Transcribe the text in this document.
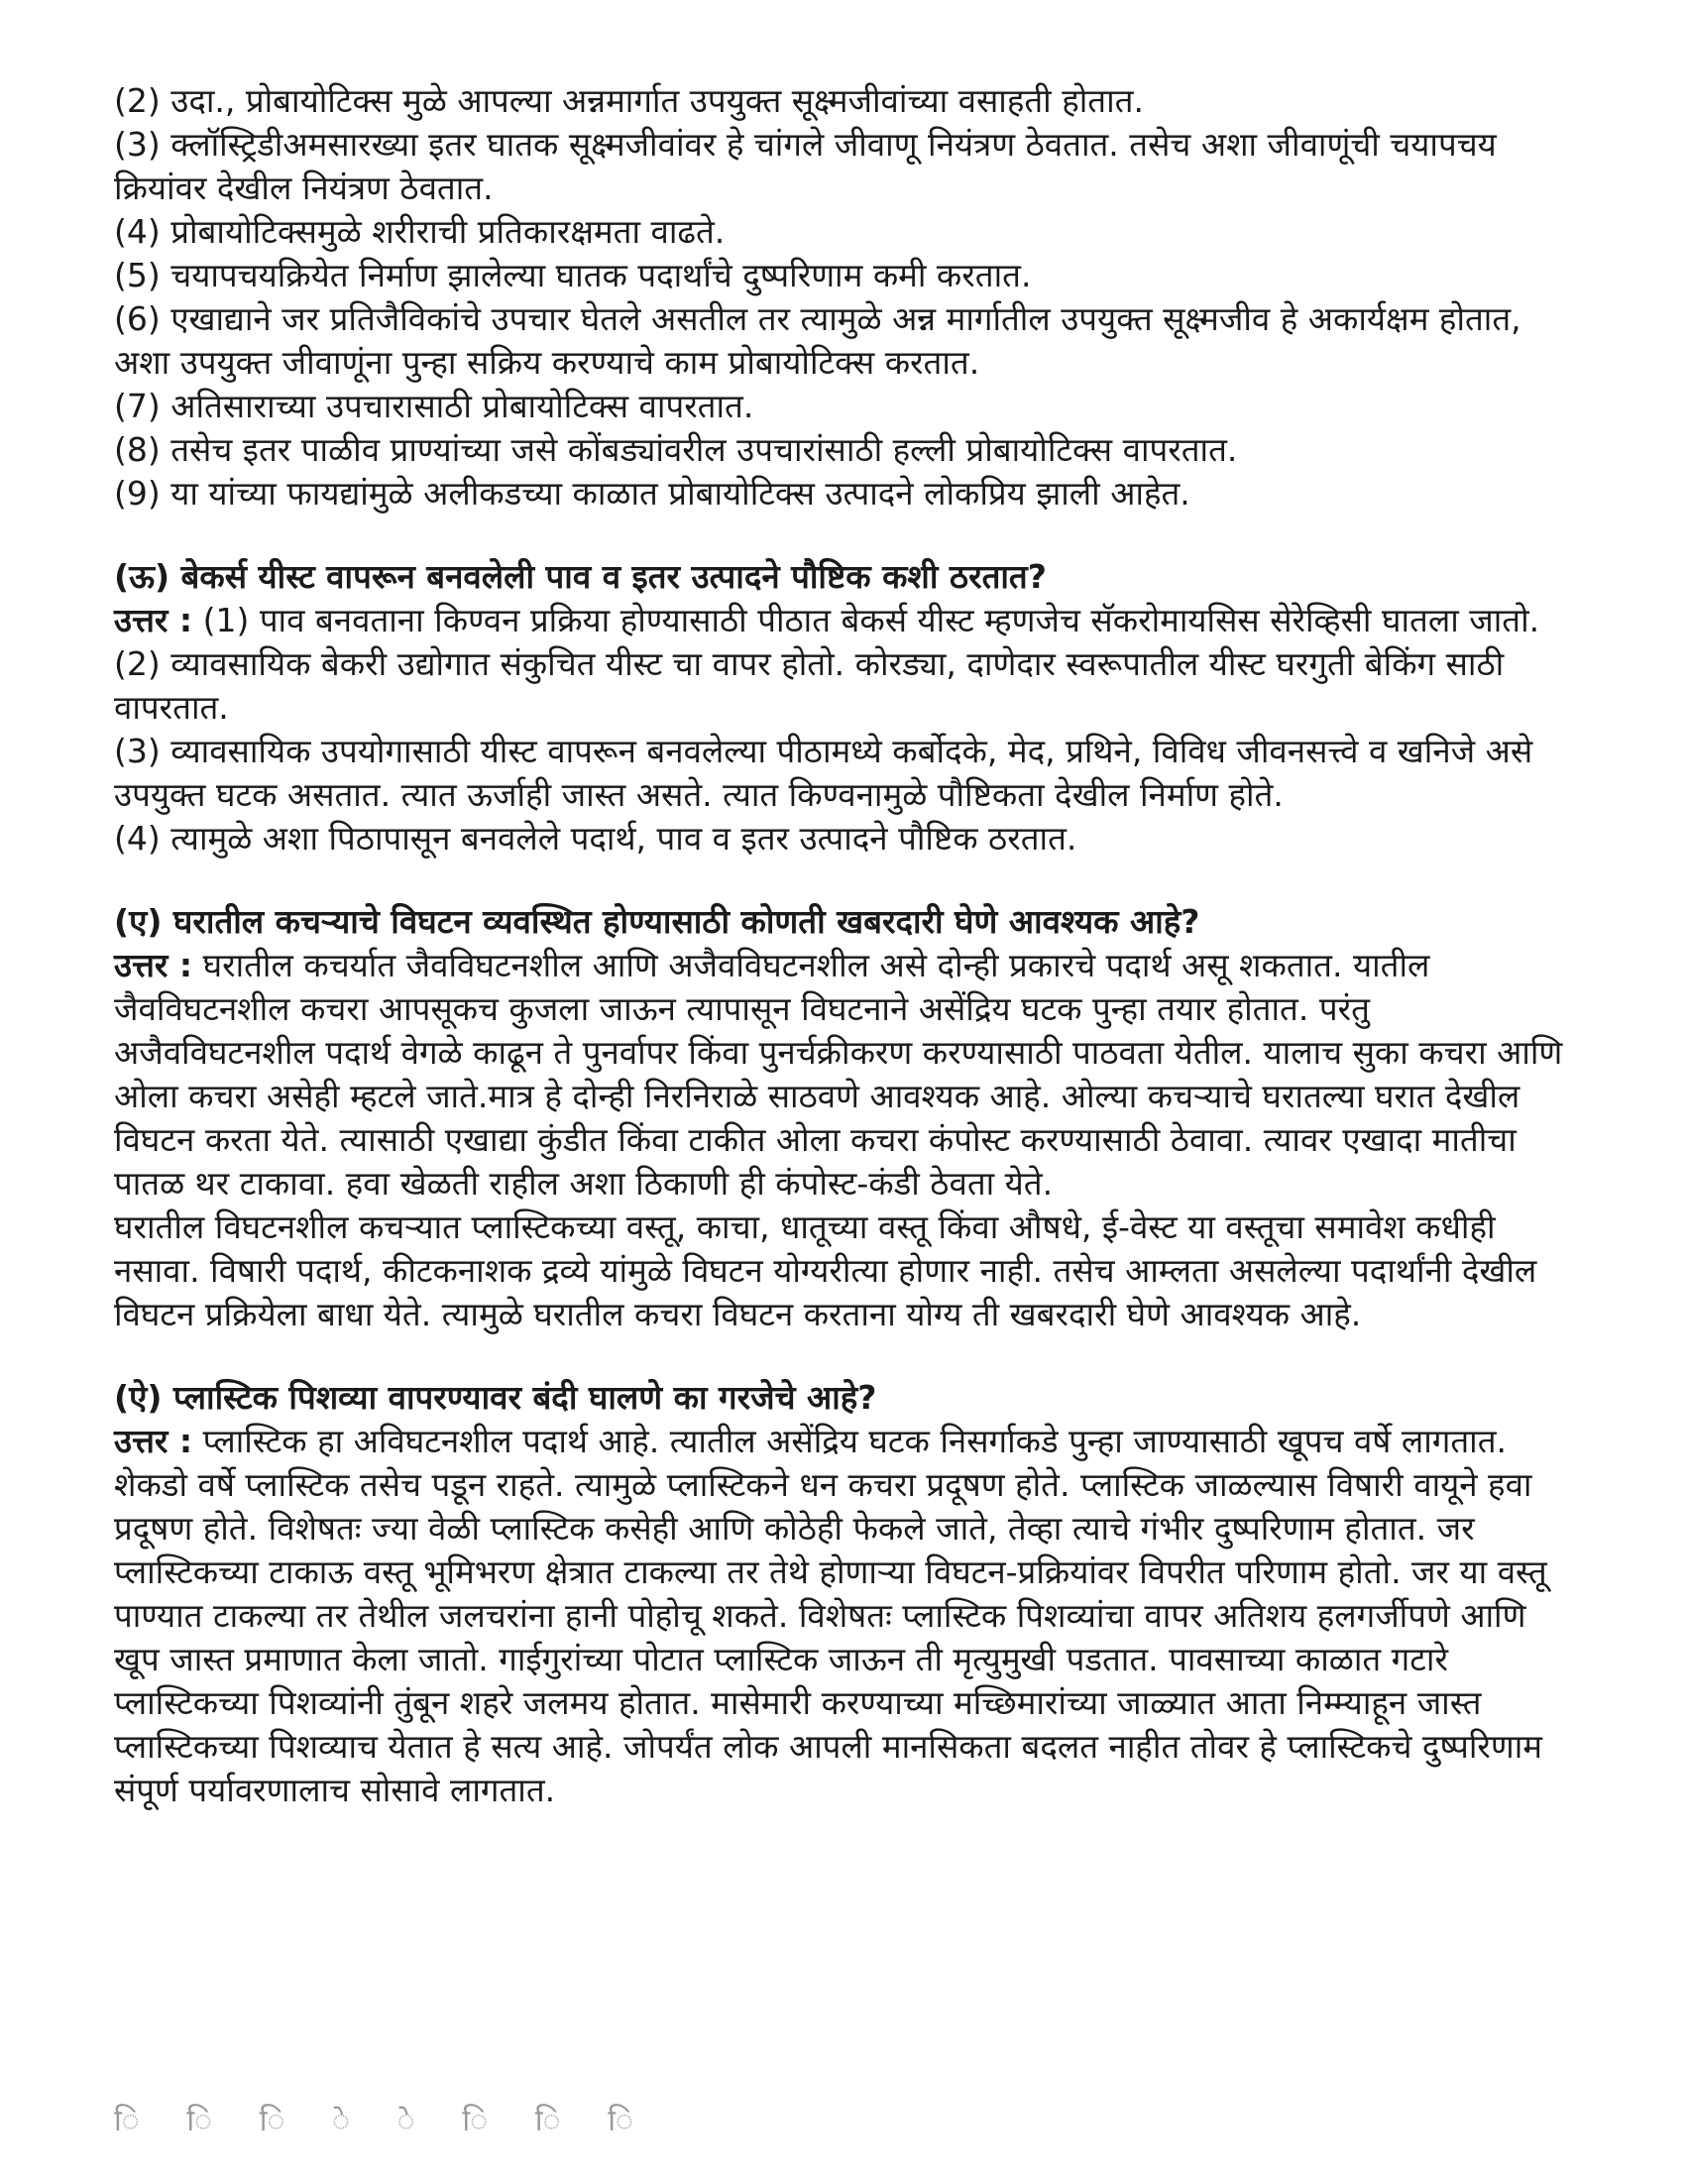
(2) उदा., प्रोबायोटिक्स मुळे आपल्या अन्नमार्गात उपयुक्त सूक्ष्मजीवांच्या वसाहती होतात.

(3) क्लॉस्ट्रिडीअमसारख्या इतर घातक सूक्ष्मजीवांवर हे चांगले जीवाणू नियंत्रण ठेवतात. तसेच अशा जीवाणूंची चयापचय क्रियांवर देखील नियंत्रण ठेवतात.

(4) प्रोबायोटिक्समुळे शरीराची प्रतिकारक्षमता वाढते.

(5) चयापचयक्रियेत निर्माण झालेल्या घातक पदार्थांचे दुष्परिणाम कमी करतात.

(6) एखाद्याने जर प्रतिजैविकांचे उपचार घेतले असतील तर त्यामुळे अन्न मार्गातील उपयुक्त सूक्ष्मजीव हे अकार्यक्षम होतात, अशा उपयुक्त जीवाणूंना पुन्हा सक्रिय करण्याचे काम प्रोबायोटिक्स करतात.

(7) अतिसाराच्या उपचारासाठी प्रोबायोटिक्स वापरतात.

(8) तसेच इतर पाळीव प्राण्यांच्या जसे कोंबड्यांवरील उपचारांसाठी हल्ली प्रोबायोटिक्स वापरतात.

(9) या यांच्या फायद्यांमुळे अलीकडच्या काळात प्रोबायोटिक्स उत्पादने लोकप्रिय झाली आहेत.

(ऊ) बेकर्स यीस्ट वापरून बनवलेली पाव व इतर उत्पादने पौष्टिक कशी ठरतात?

उत्तर : (1) पाव बनवताना किण्वन प्रक्रिया होण्यासाठी पीठात बेकर्स यीस्ट म्हणजेच सॅकरोमायसिस सेरेव्हिसी घातला जातो.

(2) व्यावसायिक बेकरी उद्योगात संकुचित यीस्ट चा वापर होतो. कोरड्या, दाणेदार स्वरूपातील यीस्ट घरगुती बेकिंग साठी वापरतात.

(3) व्यावसायिक उपयोगासाठी यीस्ट वापरून बनवलेल्या पीठामध्ये कर्बोदके, मेद, प्रथिने, विविध जीवनसत्त्वे व खनिजे असे उपयुक्त घटक असतात. त्यात ऊर्जाही जास्त असते. त्यात किण्वनामुळे पौष्टिकता देखील निर्माण होते.

(4) त्यामुळे अशा पिठापासून बनवलेले पदार्थ, पाव व इतर उत्पादने पौष्टिक ठरतात.

(ए) घरातील कचऱ्याचे विघटन व्यवस्थित होण्यासाठी कोणती खबरदारी घेणे आवश्यक आहे?

उत्तर : घरातील कचर्यात जैवविघटनशील आणि अजैवविघटनशील असे दोन्ही प्रकारचे पदार्थ असू शकतात. यातील जैवविघटनशील कचरा आपसूकच कुजला जाऊन त्यापासून विघटनाने असेंद्रिय घटक पुन्हा तयार होतात. परंतु अजैवविघटनशील पदार्थ वेगळे काढून ते पुनर्वापर किंवा पुनर्चक्रीकरण करण्यासाठी पाठवता येतील. यालाच सुका कचरा आणि ओला कचरा असेही म्हटले जाते.मात्र हे दोन्ही निरनिराळे साठवणे आवश्यक आहे. ओल्या कचऱ्याचे घरातल्या घरात देखील विघटन करता येते. त्यासाठी एखाद्या कुंडीत किंवा टाकीत ओला कचरा कंपोस्ट करण्यासाठी ठेवावा. त्यावर एखादा मातीचा पातळ थर टाकावा. हवा खेळती राहील अशा ठिकाणी ही कंपोस्ट-कंडी ठेवता येते.

घरातील विघटनशील कचऱ्यात प्लास्टिकच्या वस्तू, काचा, धातूच्या वस्तू किंवा औषधे, ई-वेस्ट या वस्तूचा समावेश कधीही नसावा. विषारी पदार्थ, कीटकनाशक द्रव्ये यांमुळे विघटन योग्यरीत्या होणार नाही. तसेच आम्लता असलेल्या पदार्थांनी देखील विघटन प्रक्रियेला बाधा येते. त्यामुळे घरातील कचरा विघटन करताना योग्य ती खबरदारी घेणे आवश्यक आहे.

(ऐ) प्लास्टिक पिशव्या वापरण्यावर बंदी घालणे का गरजेचे आहे?

उत्तर : प्लास्टिक हा अविघटनशील पदार्थ आहे. त्यातील असेंद्रिय घटक निसर्गाकडे पुन्हा जाण्यासाठी खूपच वर्षे लागतात. शेकडो वर्षे प्लास्टिक तसेच पडून राहते. त्यामुळे प्लास्टिकने धन कचरा प्रदूषण होते. प्लास्टिक जाळल्यास विषारी वायूने हवा प्रदूषण होते. विशेषतः ज्या वेळी प्लास्टिक कसेही आणि कोठेही फेकले जाते, तेव्हा त्याचे गंभीर दुष्परिणाम होतात. जर प्लास्टिकच्या टाकाऊ वस्तू भूमिभरण क्षेत्रात टाकल्या तर तेथे होणाऱ्या विघटन-प्रक्रियांवर विपरीत परिणाम होतो. जर या वस्तू पाण्यात टाकल्या तर तेथील जलचरांना हानी पोहोचू शकते. विशेषतः प्लास्टिक पिशव्यांचा वापर अतिशय हलगर्जीपणे आणि खूप जास्त प्रमाणात केला जातो. गाईगुरांच्या पोटात प्लास्टिक जाऊन ती मृत्युमुखी पडतात. पावसाच्या काळात गटारे प्लास्टिकच्या पिशव्यांनी तुंबून शहरे जलमय होतात. मासेमारी करण्याच्या मच्छिमारांच्या जाळ्यात आता निम्म्याहून जास्त प्लास्टिकच्या पिशव्याच येतात हे सत्य आहे. जोपर्यंत लोक आपली मानसिकता बदलत नाहीत तोवर हे प्लास्टिकचे दुष्परिणाम संपूर्ण पर्यावरणालाच सोसावे लागतात.

ि ि ि े े ि ि ि
